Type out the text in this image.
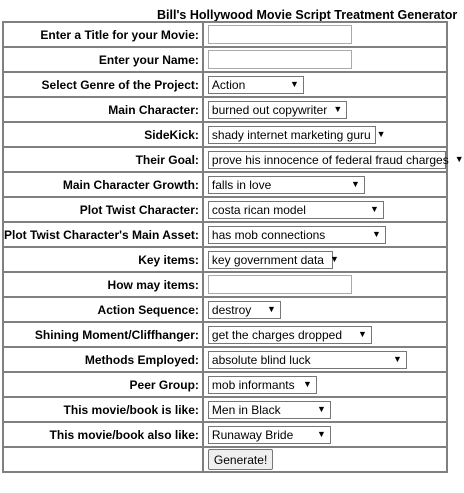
Bill's Hollywood Movie Script Treatment Generator
Enter a Title for your Movie:	
Enter your Name:	
Select Genre of the Project:	Action ▼

Main Character:	burned out copywriter ▼

SideKick:	shady internet marketing guru ▼

Their Goal:	prove his innocence of federal fraud charges ▼

Main Character Growth:	falls in love ▼

Plot Twist Character:	costa rican model ▼

Plot Twist Character's Main Asset:	has mob connections ▼

Key items:	key government data ▼

How may items:	
Action Sequence:	destroy ▼

Shining Moment/Cliffhanger:	get the charges dropped ▼

Methods Employed:	absolute blind luck ▼

Peer Group:	mob informants ▼

This movie/book is like:	Men in Black ▼

This movie/book also like:	Runaway Bride ▼

	Generate!
